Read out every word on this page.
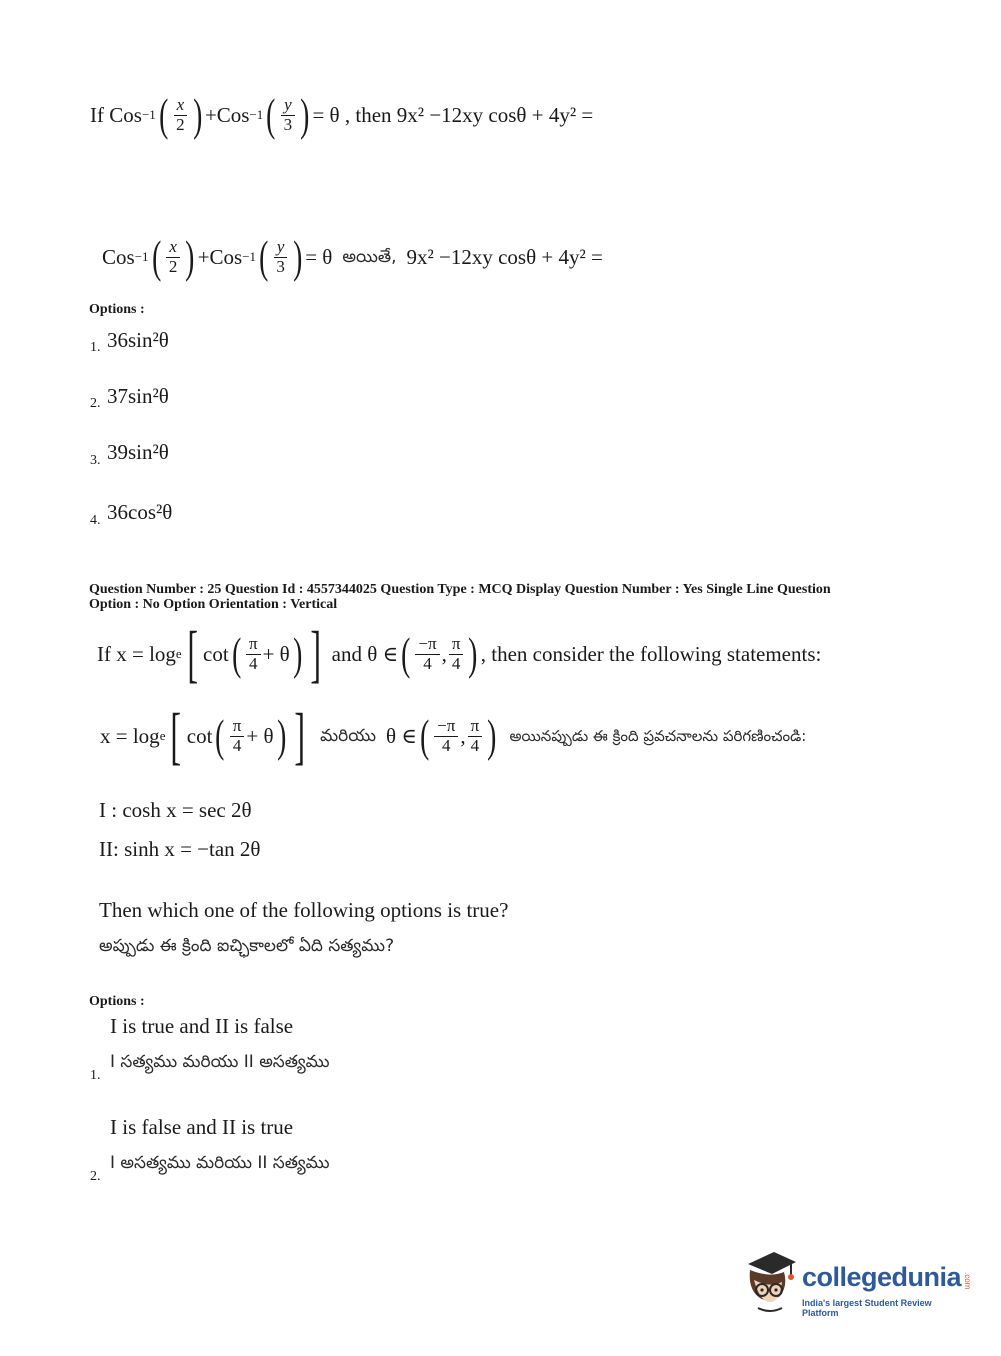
If
Cos −1 ( $\frac{x}{2}$ ) + Cos −1 ( $\frac{y}{3}$ ) = θ , then
9x² −12xy cosθ + 4y² =
Cos −1 ( $\frac{x}{2}$ ) + Cos −1 ( $\frac{y}{3}$ ) = θ అయితే, 9x² −12xy cosθ + 4y² =
Options :
1. 36sin²θ
2. 37sin²θ
3. 39sin²θ
4. 36cos²θ
Question Number : 25 Question Id : 4557344025 Question Type : MCQ Display Question Number : Yes Single Line Question
Option : No Option Orientation : Vertical
If x = log e [ cot ( $\frac{\pi}{4} + \theta$ ) ]
and θ ∈ ( $\frac{-\pi}{4}$ , $\frac{\pi}{4}$ ) , then consider the following statements:
x = log e [ cot ( $\frac{\pi}{4} + \theta$ ) ] మరియు θ ∈ ( $\frac{-\pi}{4}$ , $\frac{\pi}{4}$ ) అయినప్పుడు ఈ క్రింది ప్రవచనాలను పరిగణించండి:
I : cosh x = sec 2θ
II: sinh x = −tan 2θ
Then which one of the following options is true?
అప్పుడు ఈ క్రింది ఐచ్ఛికాలలో ఏది సత్యము?
Options :
I is true and II is false
I సత్యము మరియు II అసత్యము
1.
I is false and II is true
I అసత్యము మరియు II సత్యము
2.
collegedunia .com
India's largest Student Review Platform
